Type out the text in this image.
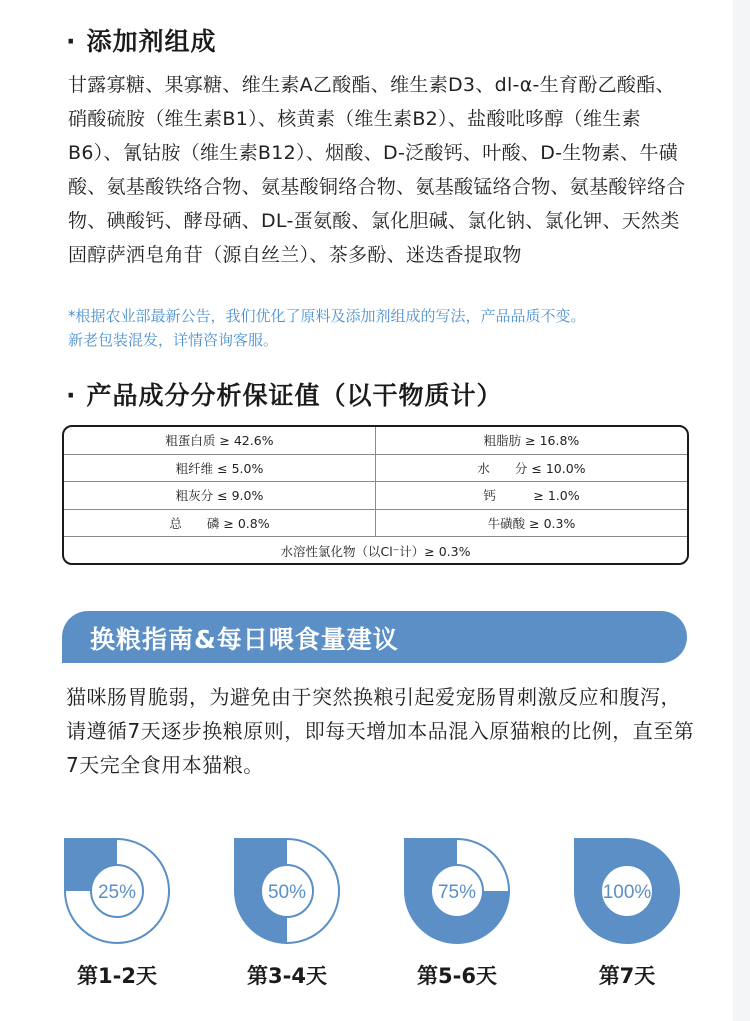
· 添加剂组成
甘露寡糖、果寡糖、维生素A乙酸酯、维生素D3、dl-α-生育酚乙酸酯、硝酸硫胺（维生素B1）、核黄素（维生素B2）、盐酸吡哆醇（维生素B6）、氰钴胺（维生素B12）、烟酸、D-泛酸钙、叶酸、D-生物素、牛磺酸、氨基酸铁络合物、氨基酸铜络合物、氨基酸锰络合物、氨基酸锌络合物、碘酸钙、酵母硒、DL-蛋氨酸、氯化胆碱、氯化钠、氯化钾、天然类固醇萨洒皂角苷（源自丝兰）、茶多酚、迷迭香提取物
*根据农业部最新公告，我们优化了原料及添加剂组成的写法，产品品质不变。
新老包装混发，详情咨询客服。
· 产品成分分析保证值（以干物质计）
粗蛋白质 ≥ 42.6%	粗脂肪 ≥ 16.8%
粗纤维 ≤ 5.0%	水　　分 ≤ 10.0%
粗灰分 ≤ 9.0%	钙　　　≥ 1.0%
总　　磷 ≥ 0.8%	牛磺酸 ≥ 0.3%
水溶性氯化物（以Cl⁻计）≥ 0.3%
换粮指南&每日喂食量建议
猫咪肠胃脆弱，为避免由于突然换粮引起爱宠肠胃刺激反应和腹泻，请遵循7天逐步换粮原则，即每天增加本品混入原猫粮的比例，直至第7天完全食用本猫粮。
25%
第1-2天
50%
第3-4天
75%
第5-6天
100%
第7天
